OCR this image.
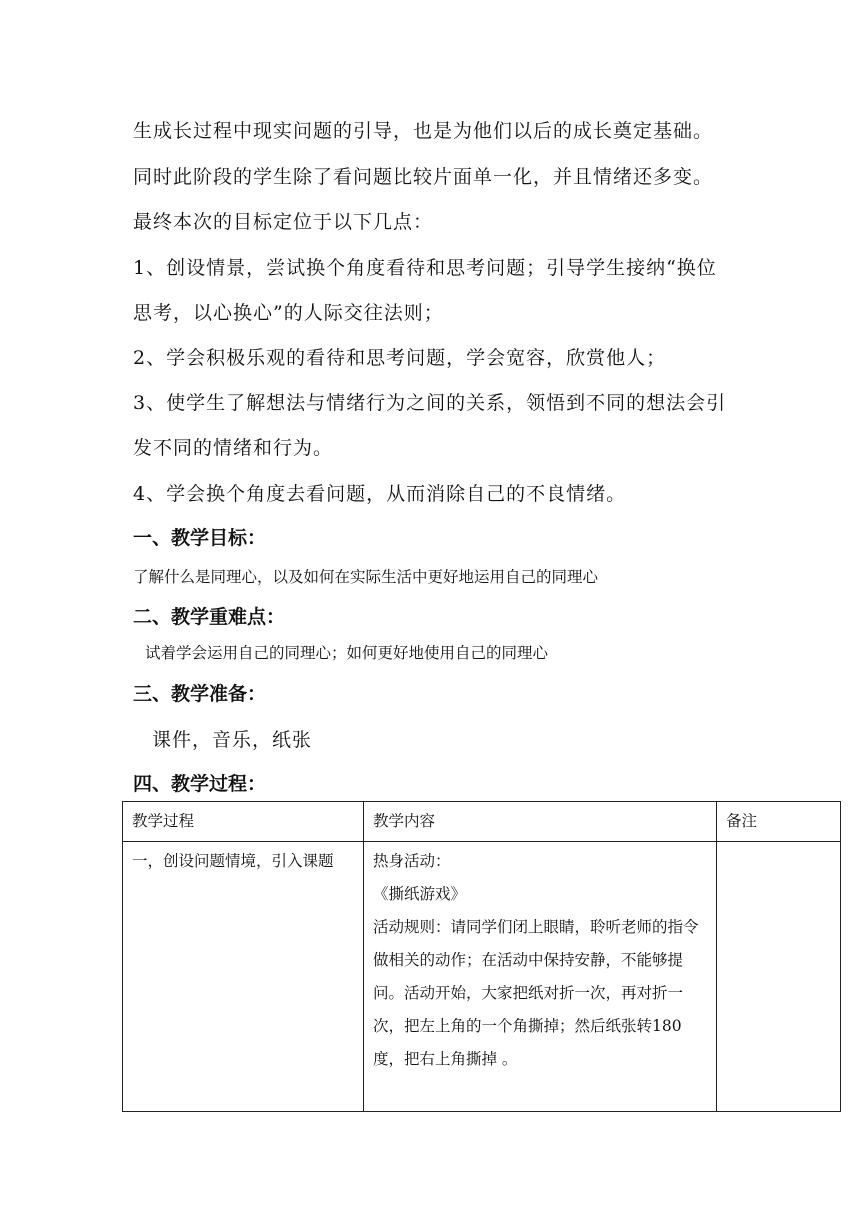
生成长过程中现实问题的引导，也是为他们以后的成长奠定基础。
同时此阶段的学生除了看问题比较片面单一化，并且情绪还多变。
最终本次的目标定位于以下几点：
1、创设情景，尝试换个角度看待和思考问题；引导学生接纳“换位
思考，以心换心”的人际交往法则；
2、学会积极乐观的看待和思考问题，学会宽容，欣赏他人；
3、使学生了解想法与情绪行为之间的关系，领悟到不同的想法会引
发不同的情绪和行为。
4、学会换个角度去看问题，从而消除自己的不良情绪。
一、教学目标：
了解什么是同理心，以及如何在实际生活中更好地运用自己的同理心
二、教学重难点：
试着学会运用自己的同理心；如何更好地使用自己的同理心
三、教学准备：
课件，音乐，纸张
四、教学过程：
教学过程	教学内容	备注
一，创设问题情境，引入课题	热身活动：

《撕纸游戏》

活动规则：请同学们闭上眼睛，聆听老师的指令做相关的动作；在活动中保持安静，不能够提问。活动开始，大家把纸对折一次，再对折一次，把左上角的一个角撕掉；然后纸张转180度，把右上角撕掉 。	
